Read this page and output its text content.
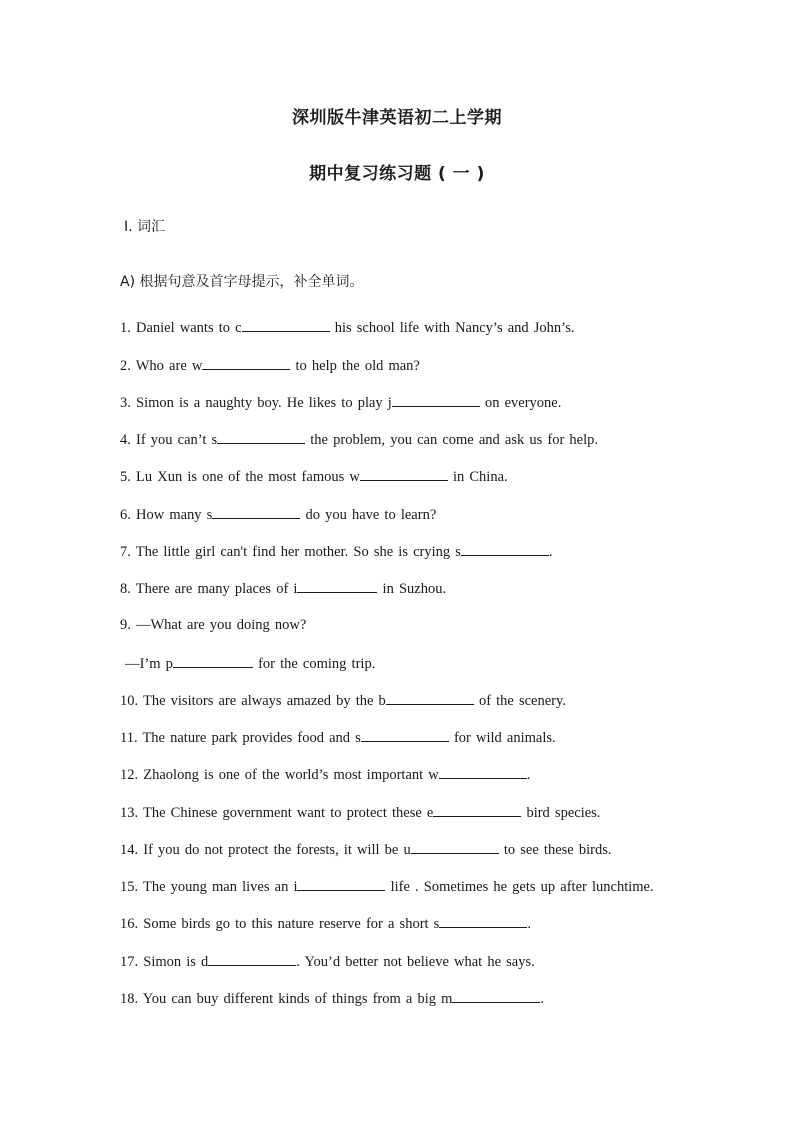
深圳版牛津英语初二上学期
期中复习练习题 ( 一 )
Ⅰ. 词汇
A) 根据句意及首字母提示，补全单词。
1. Daniel wants to c	his school life with Nancy’s and John’s.
2. Who are w	to help the old man?
3. Simon is a naughty boy. He likes to play j	on everyone.
4. If you can’t s	the problem, you can come and ask us for help.
5. Lu Xun is one of the most famous w	in China.
6. How many s	do you have to learn?
7. The little girl can't find her mother. So she is crying s	.
8. There are many places of i	in Suzhou.
9. —What are you doing now?
—I’m p	for the coming trip.
10. The visitors are always amazed by the b	of the scenery.
11. The nature park provides food and s	for wild animals.
12. Zhaolong is one of the world’s most important w	.
13. The Chinese government want to protect these e	bird species.
14. If you do not protect the forests, it will be u	to see these birds.
15. The young man lives an i	life . Sometimes he gets up after lunchtime.
16. Some birds go to this nature reserve for a short s	.
17. Simon is d	. You’d better not believe what he says.
18. You can buy different kinds of things from a big m	.
